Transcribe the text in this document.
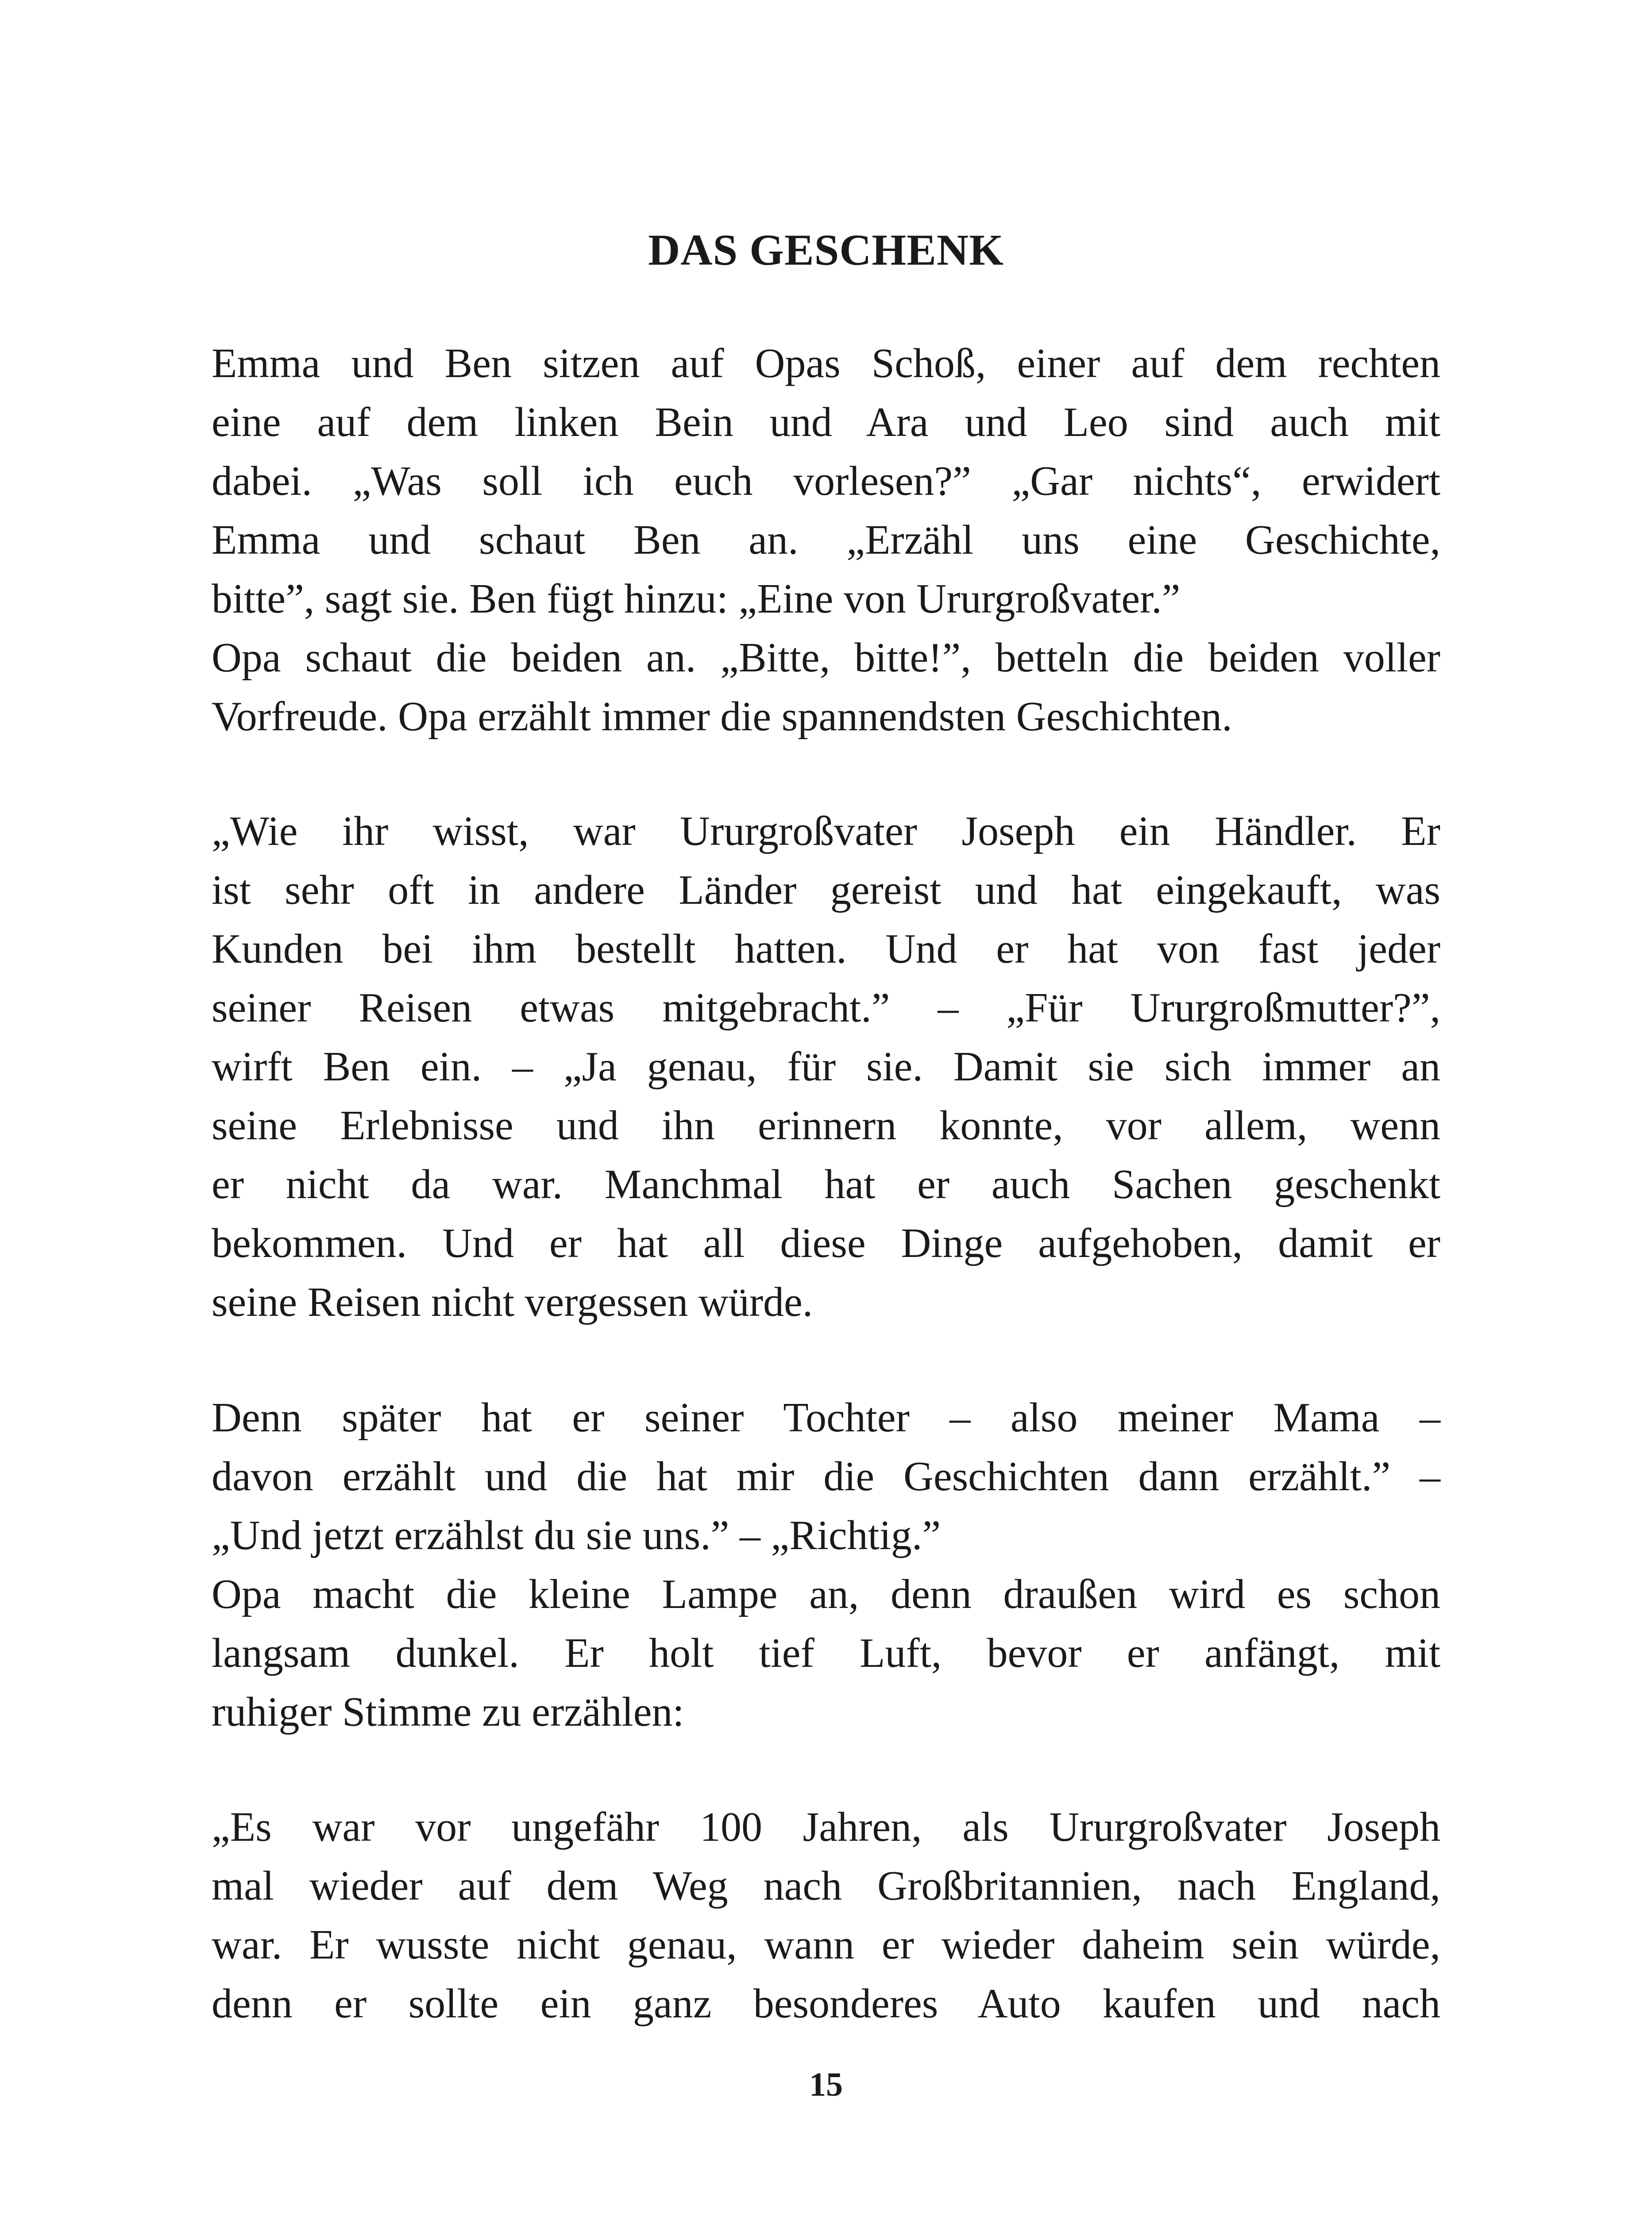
DAS GESCHENK
Emma und Ben sitzen auf Opas Schoß, einer auf dem rechten
eine auf dem linken Bein und Ara und Leo sind auch mit
dabei. „Was soll ich euch vorlesen?” „Gar nichts“, erwidert
Emma und schaut Ben an. „Erzähl uns eine Geschichte,
bitte”, sagt sie. Ben fügt hinzu: „Eine von Ururgroßvater.”
Opa schaut die beiden an. „Bitte, bitte!”, betteln die beiden voller
Vorfreude. Opa erzählt immer die spannendsten Geschichten.
„Wie ihr wisst, war Ururgroßvater Joseph ein Händler. Er
ist sehr oft in andere Länder gereist und hat eingekauft, was
Kunden bei ihm bestellt hatten. Und er hat von fast jeder
seiner Reisen etwas mitgebracht.” – „Für Ururgroßmutter?”,
wirft Ben ein. – „Ja genau, für sie. Damit sie sich immer an
seine Erlebnisse und ihn erinnern konnte, vor allem, wenn
er nicht da war. Manchmal hat er auch Sachen geschenkt
bekommen. Und er hat all diese Dinge aufgehoben, damit er
seine Reisen nicht vergessen würde.
Denn später hat er seiner Tochter – also meiner Mama –
davon erzählt und die hat mir die Geschichten dann erzählt.” –
„Und jetzt erzählst du sie uns.” – „Richtig.”
Opa macht die kleine Lampe an, denn draußen wird es schon
langsam dunkel. Er holt tief Luft, bevor er anfängt, mit
ruhiger Stimme zu erzählen:
„Es war vor ungefähr 100 Jahren, als Ururgroßvater Joseph
mal wieder auf dem Weg nach Großbritannien, nach England,
war. Er wusste nicht genau, wann er wieder daheim sein würde,
denn er sollte ein ganz besonderes Auto kaufen und nach
15
